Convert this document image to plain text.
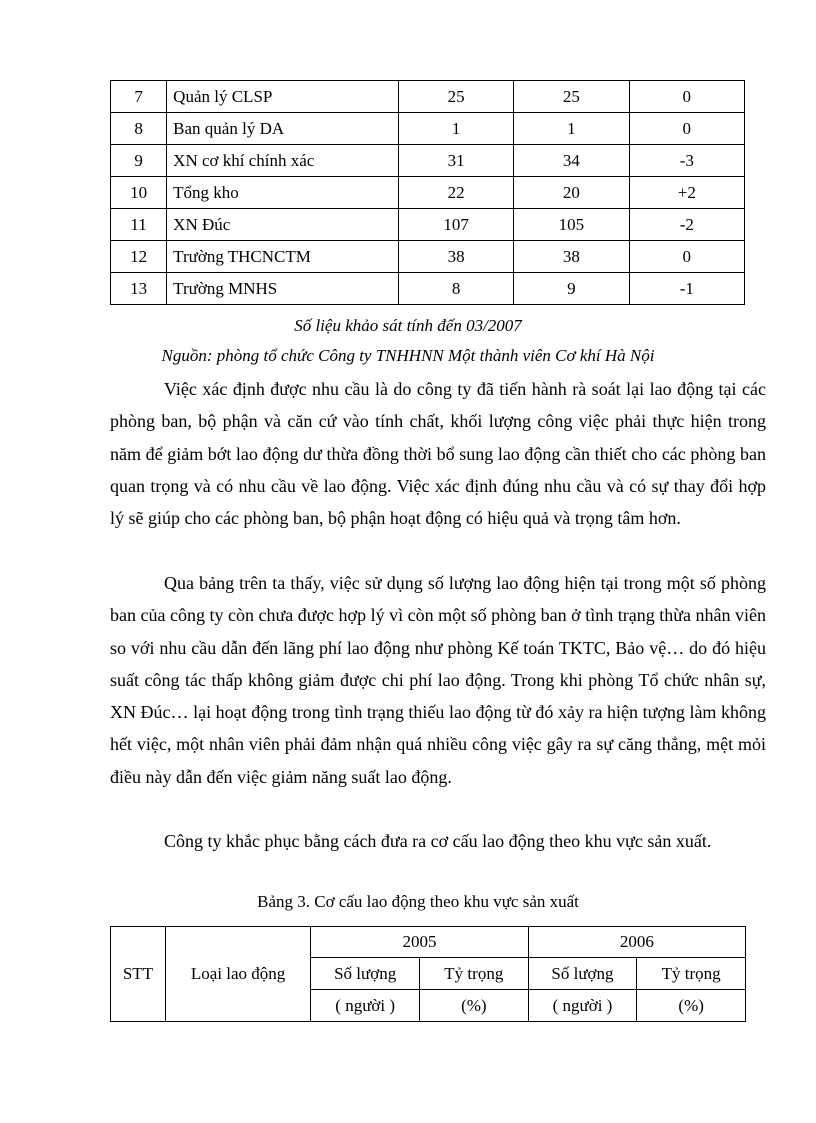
7	Quản lý CLSP	25	25	0
8	Ban quản lý DA	1	1	0
9	XN cơ khí chính xác	31	34	-3
10	Tổng kho	22	20	+2
11	XN Đúc	107	105	-2
12	Trường THCNCTM	38	38	0
13	Trường MNHS	8	9	-1
Số liệu khảo sát tính đến 03/2007
Nguồn: phòng tổ chức Công ty TNHHNN Một thành viên Cơ khí Hà Nội

Việc xác định được nhu cầu là do công ty đã tiến hành rà soát lại lao động tại các phòng ban, bộ phận và căn cứ vào tính chất, khối lượng công việc phải thực hiện trong năm để giảm bớt lao động dư thừa đồng thời bổ sung lao động cần thiết cho các phòng ban quan trọng và có nhu cầu về lao động. Việc xác định đúng nhu cầu và có sự thay đổi hợp lý sẽ giúp cho các phòng ban, bộ phận hoạt động có hiệu quả và trọng tâm hơn.

Qua bảng trên ta thấy, việc sử dụng số lượng lao động hiện tại trong một số phòng ban của công ty còn chưa được hợp lý vì còn một số phòng ban ở tình trạng thừa nhân viên so với nhu cầu dẫn đến lãng phí lao động như phòng Kế toán TKTC, Bảo vệ… do đó hiệu suất công tác thấp không giảm được chi phí lao động. Trong khi phòng Tổ chức nhân sự, XN Đúc… lại hoạt động trong tình trạng thiếu lao động từ đó xảy ra hiện tượng làm không hết việc, một nhân viên phải đảm nhận quá nhiều công việc gây ra sự căng thẳng, mệt mỏi điều này dẫn đến việc giảm năng suất lao động.

Công ty khắc phục bằng cách đưa ra cơ cấu lao động theo khu vực sản xuất.

Bảng 3. Cơ cấu lao động theo khu vực sản xuất
STT	Loại lao động	2005		2006	
		Số lượng	Tỷ trọng	Số lượng	Tỷ trọng
		( người )	(%)	( người )	(%)
